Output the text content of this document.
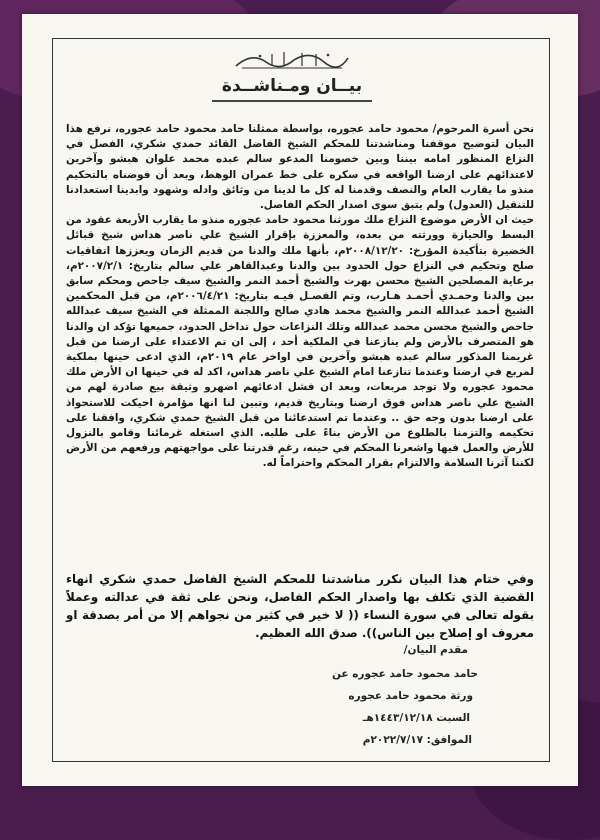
بيــان ومـناشــدة

نحن أسرة المرحوم/ محمود حامد عجوره، بواسطة ممثلنا حامد محمود حامد عجوره، نرفع هذا البيان لتوضيح موقفنا ومناشدتنا للمحكم الشيخ الفاضل القائد حمدي شكري، الفصل في النزاع المنظور امامه بيننا وبين خصومنا المدعو سالم عبده محمد علوان هبشو وآخرين لاعتدائهم على ارضنا الواقعه في سكره على خط عمران الوهط، وبعد أن فوضناه بالتحكيم منذو ما يقارب العام والنصف وقدمنا له كل ما لدينا من وثائق وادله وشهود وابدينا استعدادنا للتنقيل (العدول) ولم يتبق سوى اصدار الحكم الفاصل.

حيث ان الأرض موضوع النزاع ملك مورثنا محمود حامد عجوره منذو ما يقارب الأربعة عقود من البسط والحيازة وورثته من بعده، والمعززة بإقرار الشيخ علي ناصر هداس شيخ قبائل الخضيرة بتأكيدة المؤرخ: ٢٠٠٨/١٢/٢٠م، بأنها ملك والدنا من قديم الزمان ويعززها اتفاقيات صلح وتحكيم في النزاع حول الحدود بين والدنا وعبدالقاهر علي سالم بتاريخ: ٢٠٠٧/٢/١م، برعاية المصلحين الشيخ محسن بهرت والشيخ أحمد النمر والشيخ سيف جاحص ومحكم سابق بين والدنا وحمـدي أحمـد هـارب، وتم الفصـل فيـه بتاريخ: ٢٠٠٦/٤/٢١م، من قبل المحكمين الشيخ أحمد عبدالله النمر والشيخ محمد هادي صالح واللجنة الممثلة في الشيخ سيف عبدالله جاحص والشيخ محسن محمد عبدالله وتلك النزاعات حول تداخل الحدود، جميعها تؤكد ان والدنا هو المتصرف بالأرض ولم ينازعنا في الملكية أحد ، إلى ان تم الاعتداء على ارضنا من قبل غريمنا المذكور سالم عبده هبشو وآخرين في اواخر عام ٢٠١٩م، الذي ادعى حينها بملكية لمربع في ارضنا وعندما تنازعنا امام الشيخ علي ناصر هداس، اكد له في حينها ان الأرض ملك محمود عجوره ولا توجد مربعات، وبعد ان فشل ادعائهم اضهرو وثيقة بيع صادرة لهم من الشيخ علي ناصر هداس فوق ارضنا وبتاريخ قديم، وتبين لنا انها مؤامرة احيكت للاستحواذ على ارضنا بدون وجه حق .. وعندما تم استدعائنا من قبل الشيخ حمدي شكري، وافقنا على تحكيمه والتزمنا بالطلوع من الأرض بناءً على طلبه. الذي استغله غرمائنا وقامو بالنزول للأرض والعمل فيها واشعرنا المحكم في حينه، رغم قدرتنا على مواجهتهم ورفعهم من الأرض لكننا آثرنا السلامة والالتزام بقرار المحكم واحتراماً له.

وفي ختام هذا البيان نكرر مناشدتنا للمحكم الشيخ الفاضل حمدي شكري انهاء القضية الذي تكلف بها واصدار الحكم الفاصل، ونحن على ثقة في عدالته وعملاً بقوله تعالى في سورة النساء (( لا خير في كثير من نجواهم إلا من أمر بصدقة او معروف او إصلاح بين الناس)). صدق الله العظيم.
مقدم البيان/
حامد محمود حامد عجوره عن
ورثة محمود حامد عجوره
السبت ١٤٤٣/١٢/١٨هـ
الموافق: ٢٠٢٢/٧/١٧م
